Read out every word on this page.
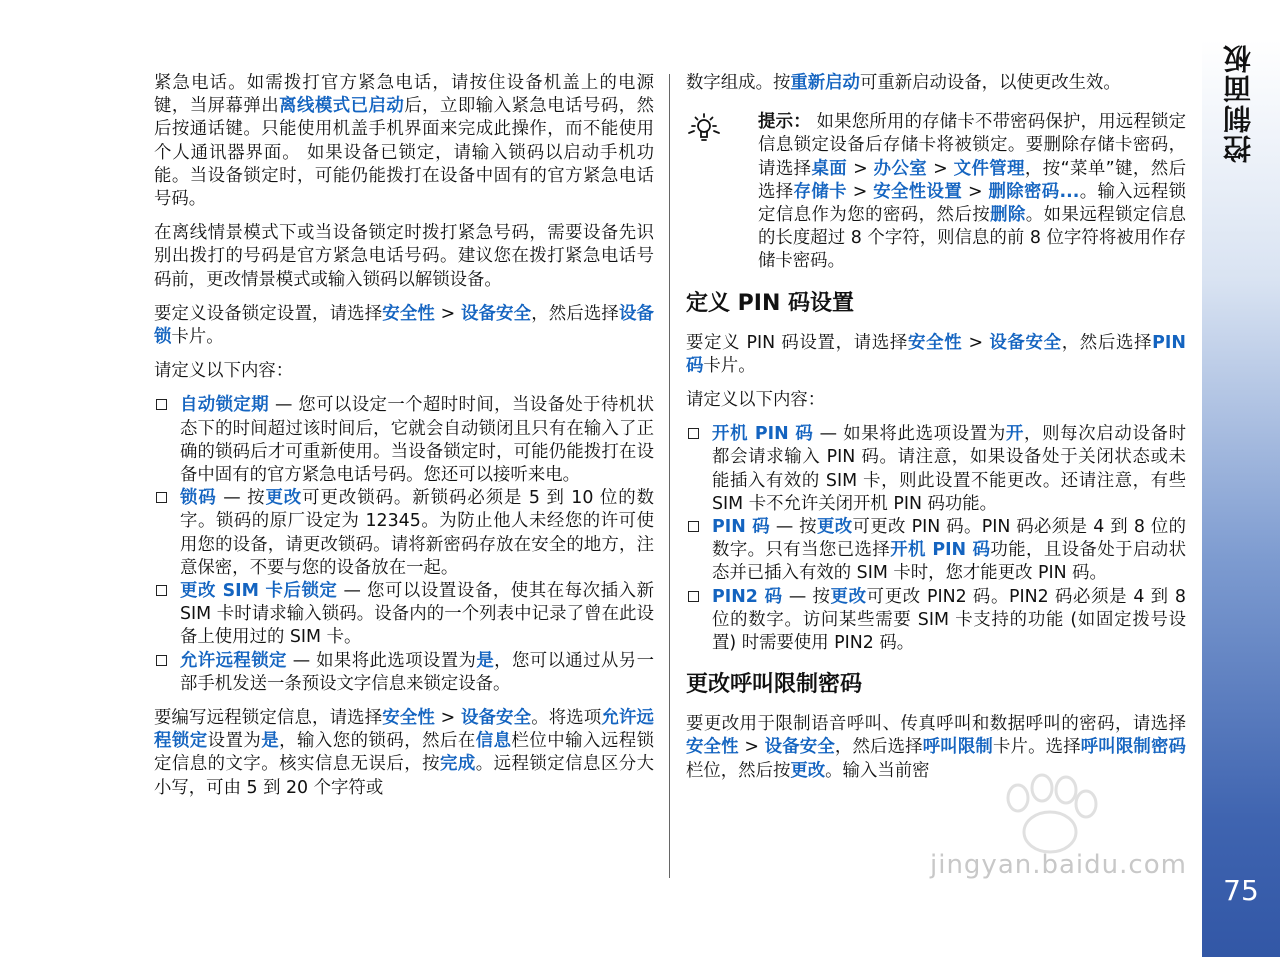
控制面板
75

紧急电话。如需拨打官方紧急电话，请按住设备机盖上的电源键，当屏幕弹出离线模式已启动后，立即输入紧急电话号码，然后按通话键。只能使用机盖手机界面来完成此操作，而不能使用个人通讯器界面。 如果设备已锁定，请输入锁码以启动手机功能。当设备锁定时，可能仍能拨打在设备中固有的官方紧急电话号码。

在离线情景模式下或当设备锁定时拨打紧急号码，需要设备先识别出拨打的号码是官方紧急电话号码。建议您在拨打紧急电话号码前，更改情景模式或输入锁码以解锁设备。

要定义设备锁定设置，请选择安全性 > 设备安全，然后选择设备锁卡片。

请定义以下内容：

自动锁定期 — 您可以设定一个超时时间，当设备处于待机状态下的时间超过该时间后，它就会自动锁闭且只有在输入了正确的锁码后才可重新使用。当设备锁定时，可能仍能拨打在设备中固有的官方紧急电话号码。您还可以接听来电。

锁码 — 按更改可更改锁码。新锁码必须是 5 到 10 位的数字。锁码的原厂设定为 12345。为防止他人未经您的许可使用您的设备，请更改锁码。请将新密码存放在安全的地方，注意保密，不要与您的设备放在一起。

更改 SIM 卡后锁定 — 您可以设置设备，使其在每次插入新 SIM 卡时请求输入锁码。设备内的一个列表中记录了曾在此设备上使用过的 SIM 卡。

允许远程锁定 — 如果将此选项设置为是，您可以通过从另一部手机发送一条预设文字信息来锁定设备。

要编写远程锁定信息，请选择安全性 > 设备安全。将选项允许远程锁定设置为是，输入您的锁码，然后在信息栏位中输入远程锁定信息的文字。核实信息无误后，按完成。远程锁定信息区分大小写，可由 5 到 20 个字符或

数字组成。按重新启动可重新启动设备，以使更改生效。

提示： 如果您所用的存储卡不带密码保护，用远程锁定信息锁定设备后存储卡将被锁定。要删除存储卡密码，请选择桌面 > 办公室 > 文件管理，按“菜单”键，然后选择存储卡 > 安全性设置 > 删除密码...。输入远程锁定信息作为您的密码，然后按删除。如果远程锁定信息的长度超过 8 个字符，则信息的前 8 位字符将被用作存储卡密码。

定义 PIN 码设置

要定义 PIN 码设置，请选择安全性 > 设备安全，然后选择PIN 码卡片。

请定义以下内容：

开机 PIN 码 — 如果将此选项设置为开，则每次启动设备时都会请求输入 PIN 码。请注意，如果设备处于关闭状态或未能插入有效的 SIM 卡，则此设置不能更改。还请注意，有些 SIM 卡不允许关闭开机 PIN 码功能。

PIN 码 — 按更改可更改 PIN 码。PIN 码必须是 4 到 8 位的数字。只有当您已选择开机 PIN 码功能，且设备处于启动状态并已插入有效的 SIM 卡时，您才能更改 PIN 码。

PIN2 码 — 按更改可更改 PIN2 码。PIN2 码必须是 4 到 8 位的数字。访问某些需要 SIM 卡支持的功能 (如固定拨号设置) 时需要使用 PIN2 码。

更改呼叫限制密码

要更改用于限制语音呼叫、传真呼叫和数据呼叫的密码，请选择安全性 > 设备安全，然后选择呼叫限制卡片。选择呼叫限制密码栏位，然后按更改。输入当前密

jingyan.baidu.com
